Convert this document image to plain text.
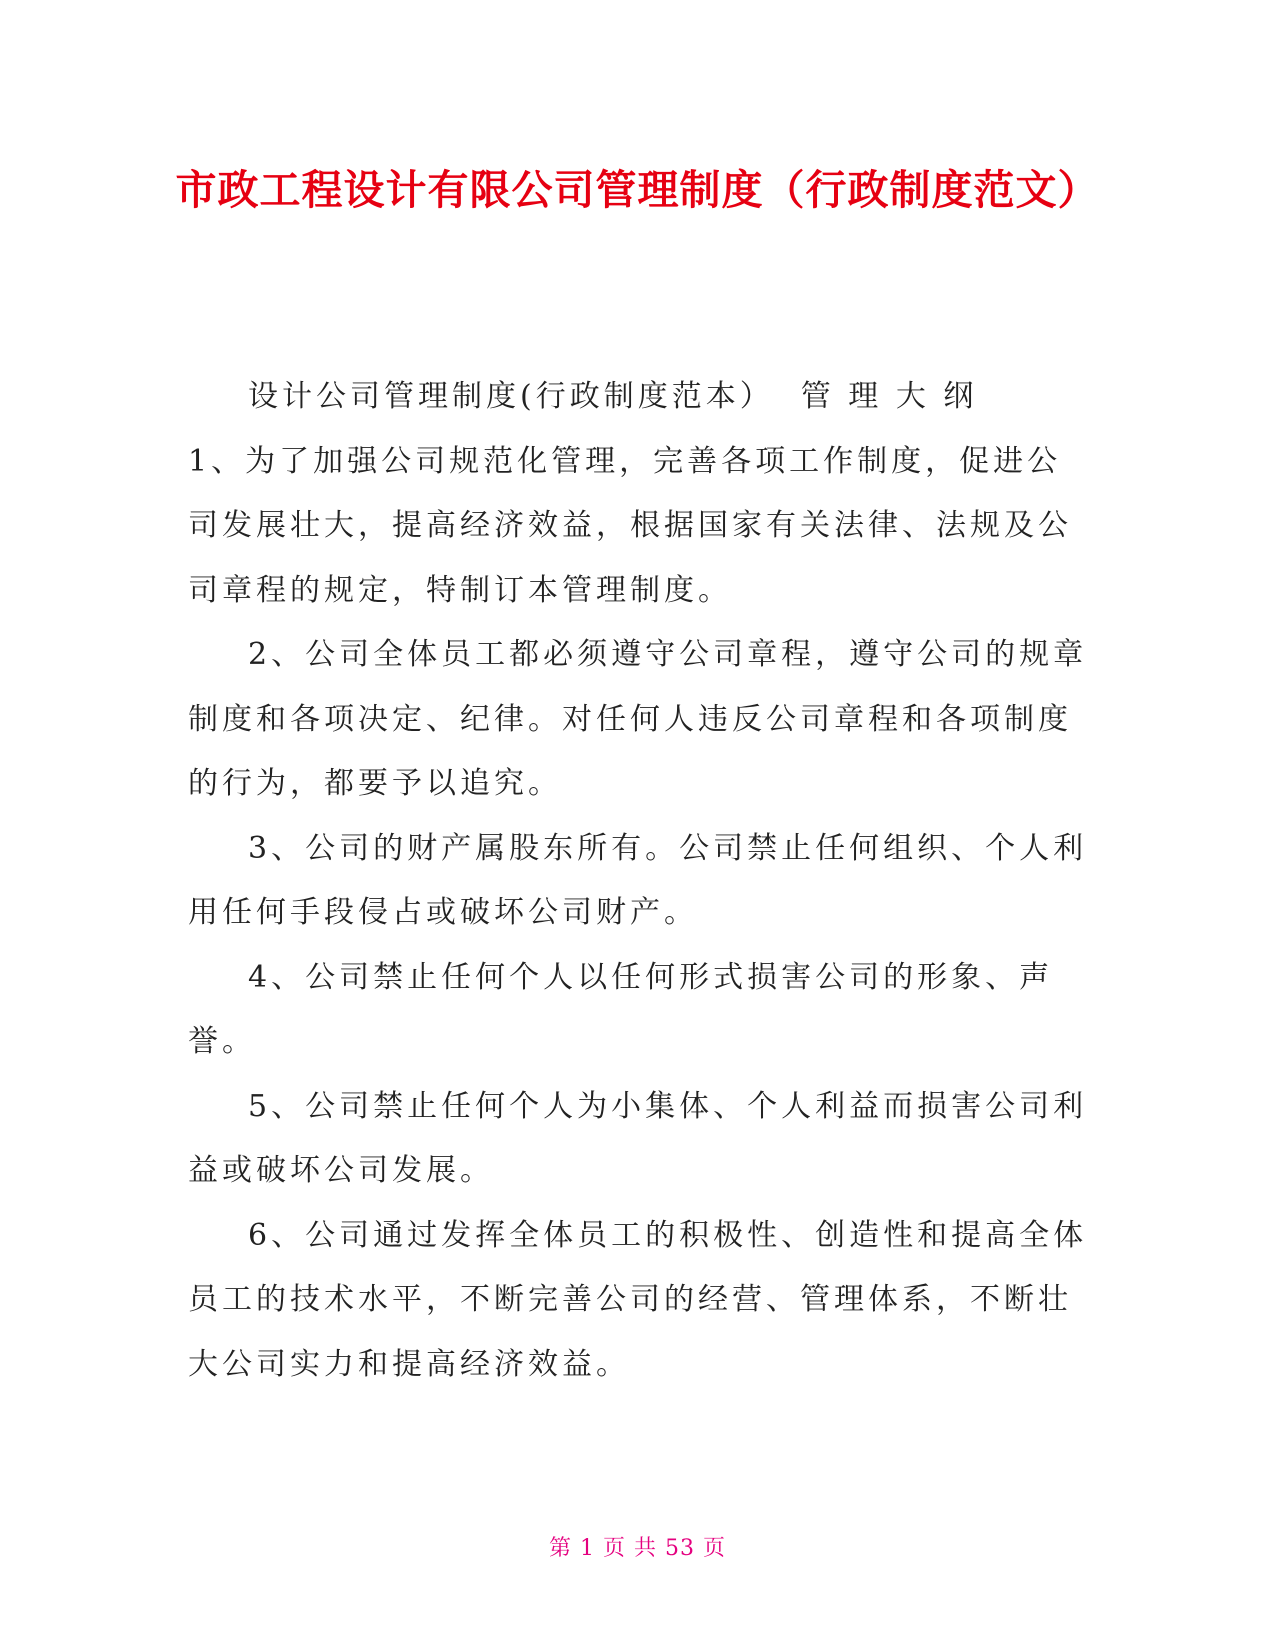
市政工程设计有限公司管理制度（行政制度范文）

设计公司管理制度(行政制度范本）  管 理 大 纲

1、为了加强公司规范化管理，完善各项工作制度，促进公司发展壮大，提高经济效益，根据国家有关法律、法规及公司章程的规定，特制订本管理制度。

2、公司全体员工都必须遵守公司章程，遵守公司的规章制度和各项决定、纪律。对任何人违反公司章程和各项制度的行为，都要予以追究。

3、公司的财产属股东所有。公司禁止任何组织、个人利用任何手段侵占或破坏公司财产。

4、公司禁止任何个人以任何形式损害公司的形象、声誉。

5、公司禁止任何个人为小集体、个人利益而损害公司利益或破坏公司发展。

6、公司通过发挥全体员工的积极性、创造性和提高全体员工的技术水平，不断完善公司的经营、管理体系，不断壮大公司实力和提高经济效益。

第 1 页 共 53 页
